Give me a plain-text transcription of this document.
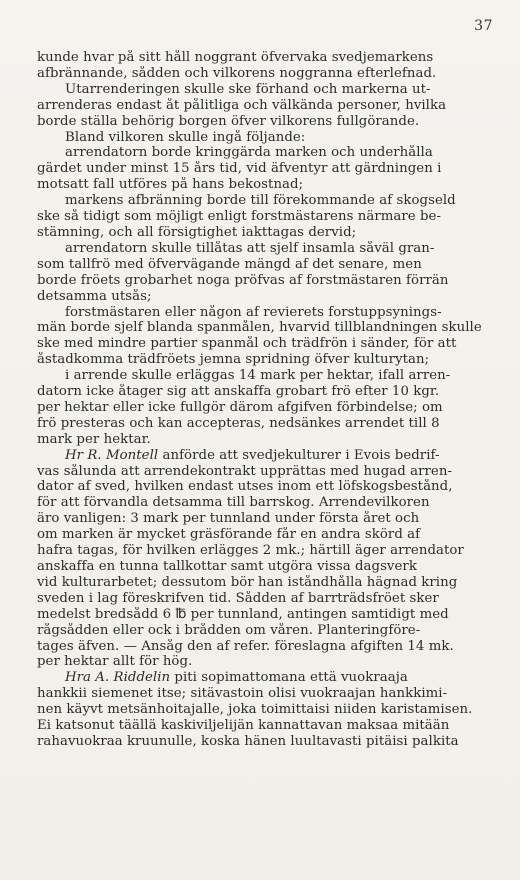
37
kunde hvar på sitt håll noggrant öfvervaka svedjemarkens
afbrännande, sådden och vilkorens noggranna efterlefnad.
Utarrenderingen skulle ske förhand och markerna ut-
arrenderas endast åt pålitliga och välkända personer, hvilka
borde ställa behörig borgen öfver vilkorens fullgörande.
Bland vilkoren skulle ingå följande:
arrendatorn borde kringgärda marken och underhålla
gärdet under minst 15 års tid, vid äfventyr att gärdningen i
motsatt fall utföres på hans bekostnad;
markens afbränning borde till förekommande af skogseld
ske så tidigt som möjligt enligt forstmästarens närmare be-
stämning, och all försigtighet iakttagas dervid;
arrendatorn skulle tillåtas att sjelf insamla såväl gran-
som tallfrö med öfvervägande mängd af det senare, men
borde fröets grobarhet noga pröfvas af forstmästaren förrän
detsamma utsås;
forstmästaren eller någon af revierets forstuppsynings-
män borde sjelf blanda spanmålen, hvarvid tillblandningen skulle
ske med mindre partier spanmål och trädfrön i sänder, för att
åstadkomma trädfröets jemna spridning öfver kulturytan;
i arrende skulle erläggas 14 mark per hektar, ifall arren-
datorn icke åtager sig att anskaffa grobart frö efter 10 kgr.
per hektar eller icke fullgör därom afgifven förbindelse; om
frö presteras och kan accepteras, nedsänkes arrendet till 8
mark per hektar.
Hr R. Montell anförde att svedjekulturer i Evois bedrif-
vas sålunda att arrendekontrakt upprättas med hugad arren-
dator af sved, hvilken endast utses inom ett löfskogsbestånd,
för att förvandla detsamma till barrskog. Arrendevilkoren
äro vanligen: 3 mark per tunnland under första året och
om marken är mycket gräsförande får en andra skörd af
hafra tagas, för hvilken erlägges 2 mk.; härtill äger arrendator
anskaffa en tunna tallkottar samt utgöra vissa dagsverk
vid kulturarbetet; dessutom bör han iståndhålla hägnad kring
sveden i lag föreskrifven tid. Sådden af barrträdsfröet sker
medelst bredsådd 6 ℔ per tunnland, antingen samtidigt med
rågsådden eller ock i brådden om våren. Planteringföre-
tages äfven. — Ansåg den af refer. föreslagna afgiften 14 mk.
per hektar allt för hög.
Hra A. Riddelin piti sopimattomana että vuokraaja
hankkii siemenet itse; sitävastoin olisi vuokraajan hankkimi-
nen käyvt metsänhoitajalle, joka toimittaisi niiden karistamisen.
Ei katsonut täällä kaskiviljelijän kannattavan maksaa mitään
rahavuokraa kruunulle, koska hänen luultavasti pitäisi palkita
